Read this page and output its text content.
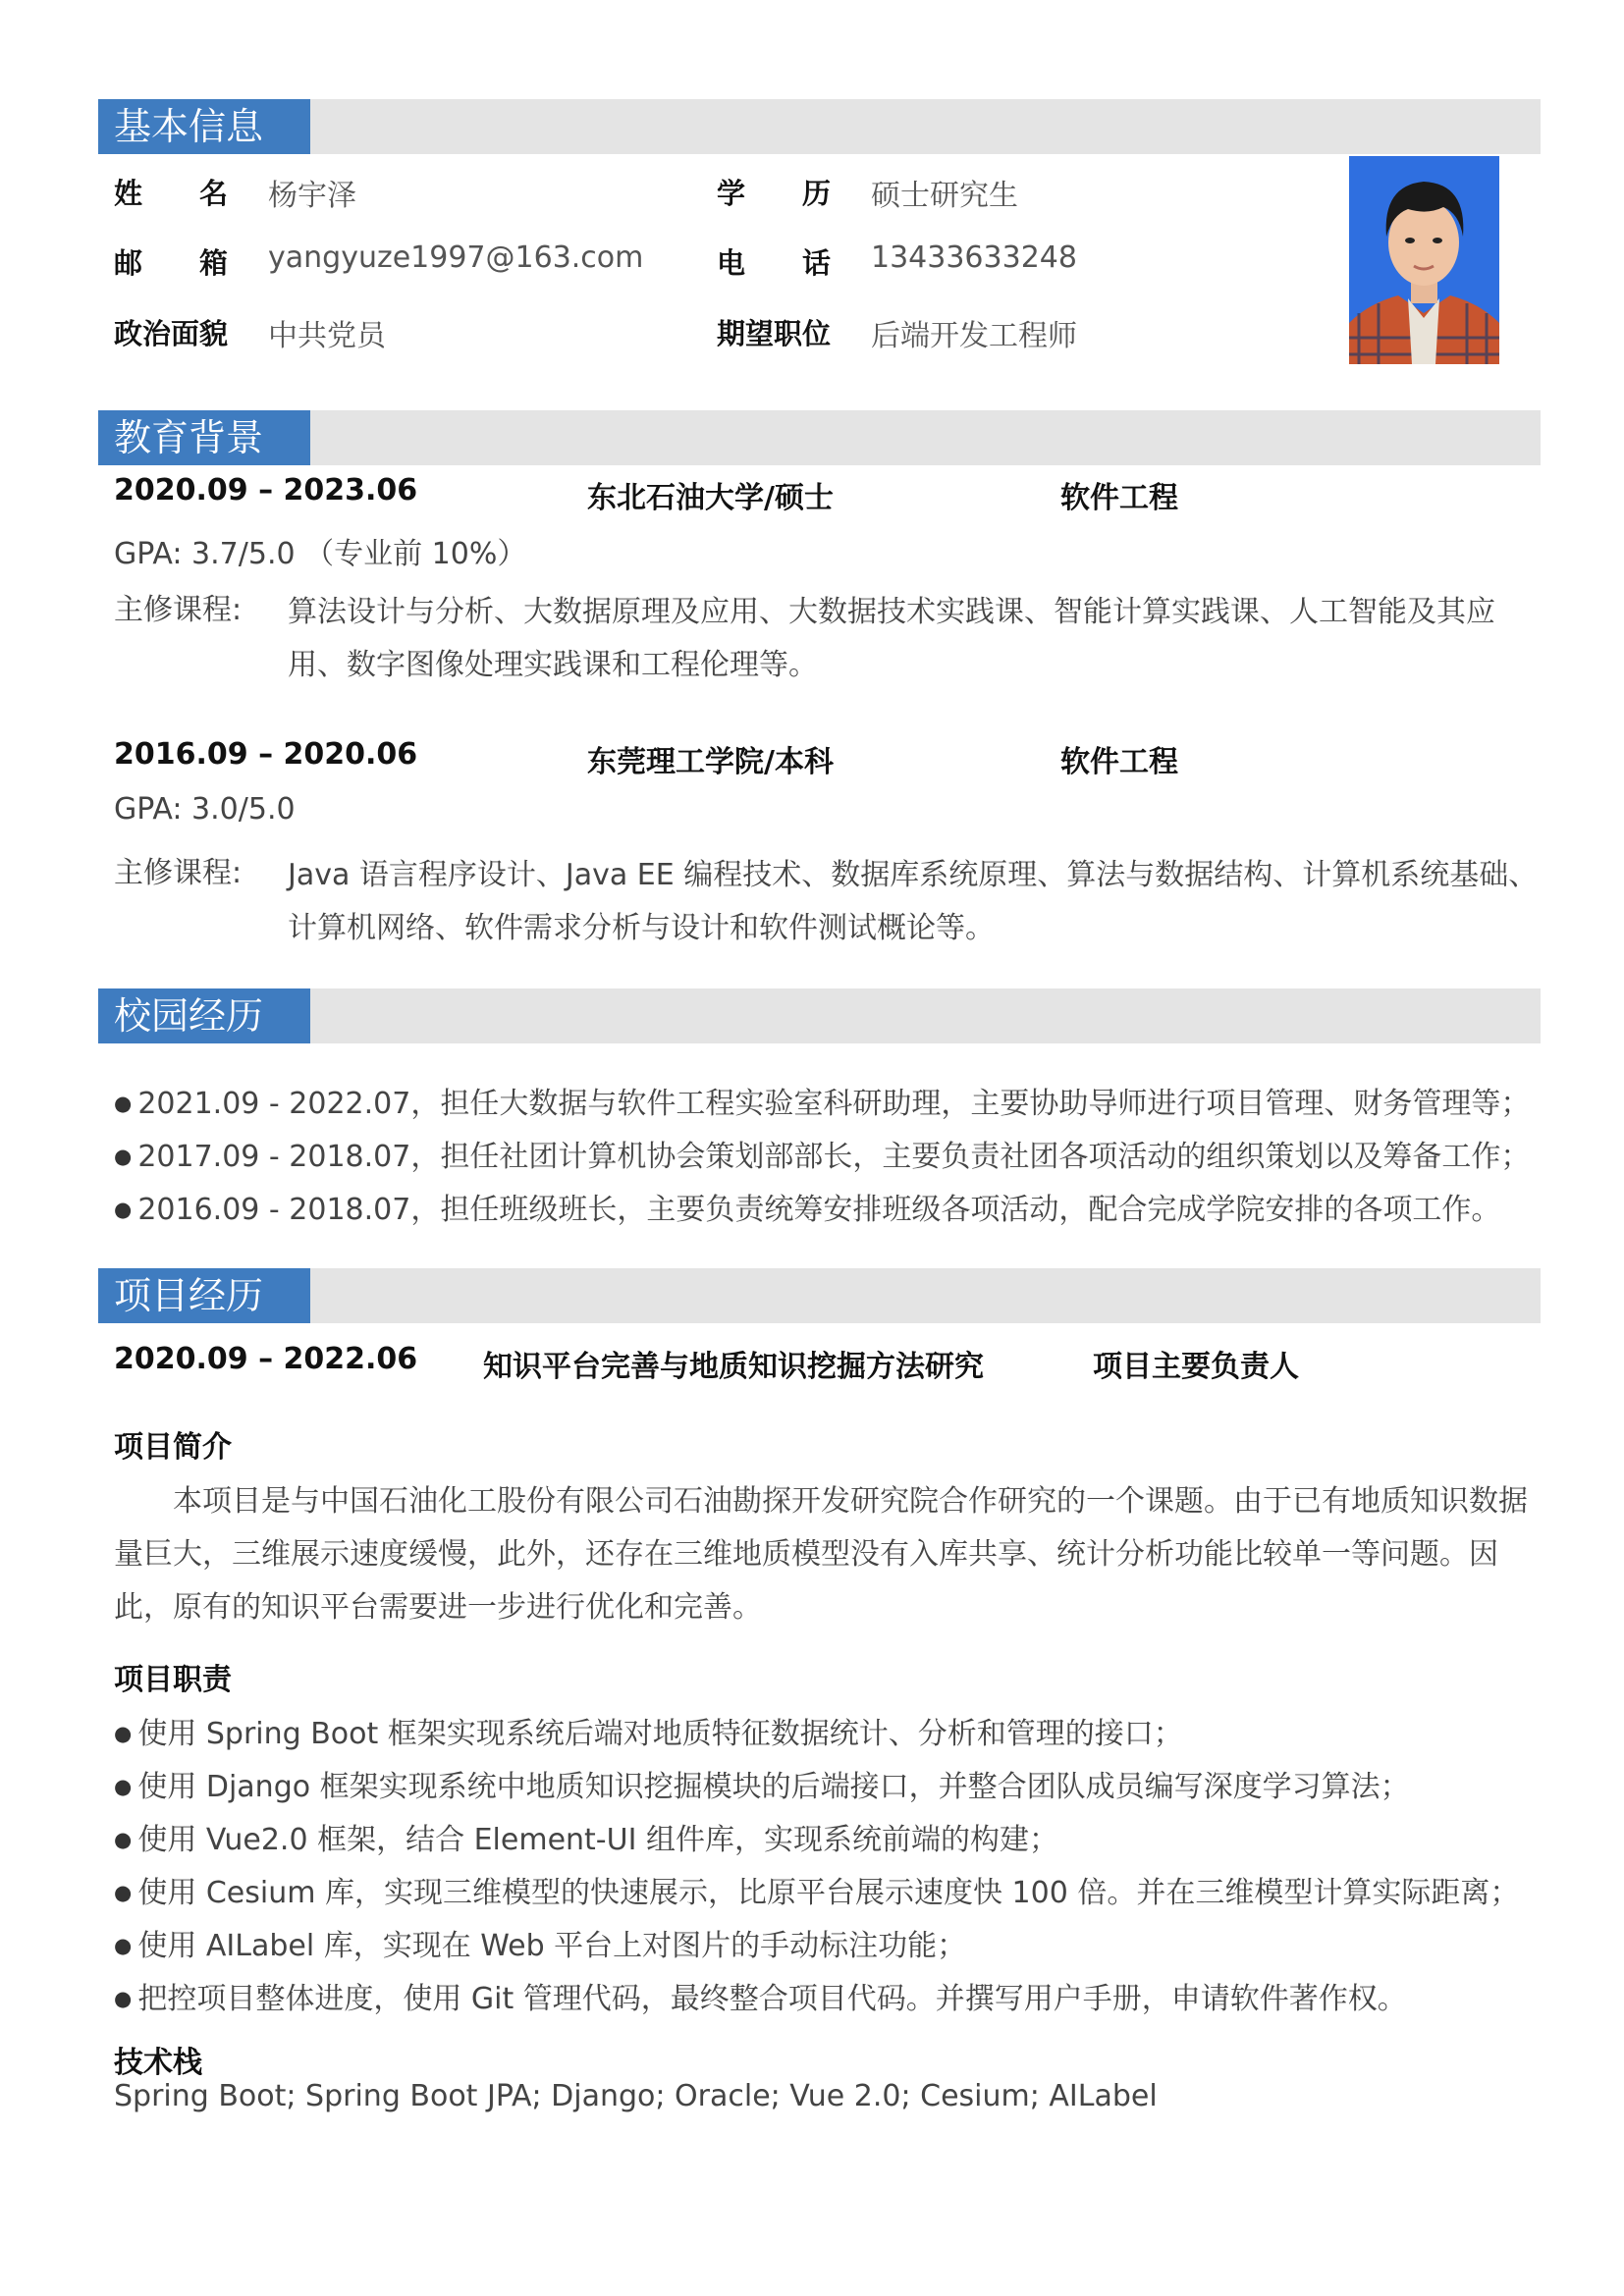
基本信息
姓　　名 杨宇泽	学　　历 硕士研究生
邮　　箱 yangyuze1997@163.com	电　　话 13433633248
政治面貌 中共党员	期望职位 后端开发工程师
教育背景
2020.09 – 2023.06	东北石油大学/硕士	软件工程
GPA: 3.7/5.0 （专业前 10%）
主修课程: 算法设计与分析、大数据原理及应用、大数据技术实践课、智能计算实践课、人工智能及其应
用、数字图像处理实践课和工程伦理等。
2016.09 – 2020.06	东莞理工学院/本科	软件工程
GPA: 3.0/5.0
主修课程: Java 语言程序设计、Java EE 编程技术、数据库系统原理、算法与数据结构、计算机系统基础、
计算机网络、软件需求分析与设计和软件测试概论等。
校园经历
● 2021.09 - 2022.07，担任大数据与软件工程实验室科研助理，主要协助导师进行项目管理、财务管理等；
● 2017.09 - 2018.07，担任社团计算机协会策划部部长，主要负责社团各项活动的组织策划以及筹备工作；
● 2016.09 - 2018.07，担任班级班长，主要负责统筹安排班级各项活动，配合完成学院安排的各项工作。
项目经历
2020.09 – 2022.06 知识平台完善与地质知识挖掘方法研究	项目主要负责人
项目简介
本项目是与中国石油化工股份有限公司石油勘探开发研究院合作研究的一个课题。由于已有地质知识数据
量巨大，三维展示速度缓慢，此外，还存在三维地质模型没有入库共享、统计分析功能比较单一等问题。因
此，原有的知识平台需要进一步进行优化和完善。
项目职责
● 使用 Spring Boot 框架实现系统后端对地质特征数据统计、分析和管理的接口；
● 使用 Django 框架实现系统中地质知识挖掘模块的后端接口，并整合团队成员编写深度学习算法；
● 使用 Vue2.0 框架，结合 Element-UI 组件库，实现系统前端的构建；
● 使用 Cesium 库，实现三维模型的快速展示，比原平台展示速度快 100 倍。并在三维模型计算实际距离；
● 使用 AILabel 库，实现在 Web 平台上对图片的手动标注功能；
● 把控项目整体进度，使用 Git 管理代码，最终整合项目代码。并撰写用户手册，申请软件著作权。
技术栈
Spring Boot; Spring Boot JPA; Django; Oracle; Vue 2.0; Cesium; AILabel
